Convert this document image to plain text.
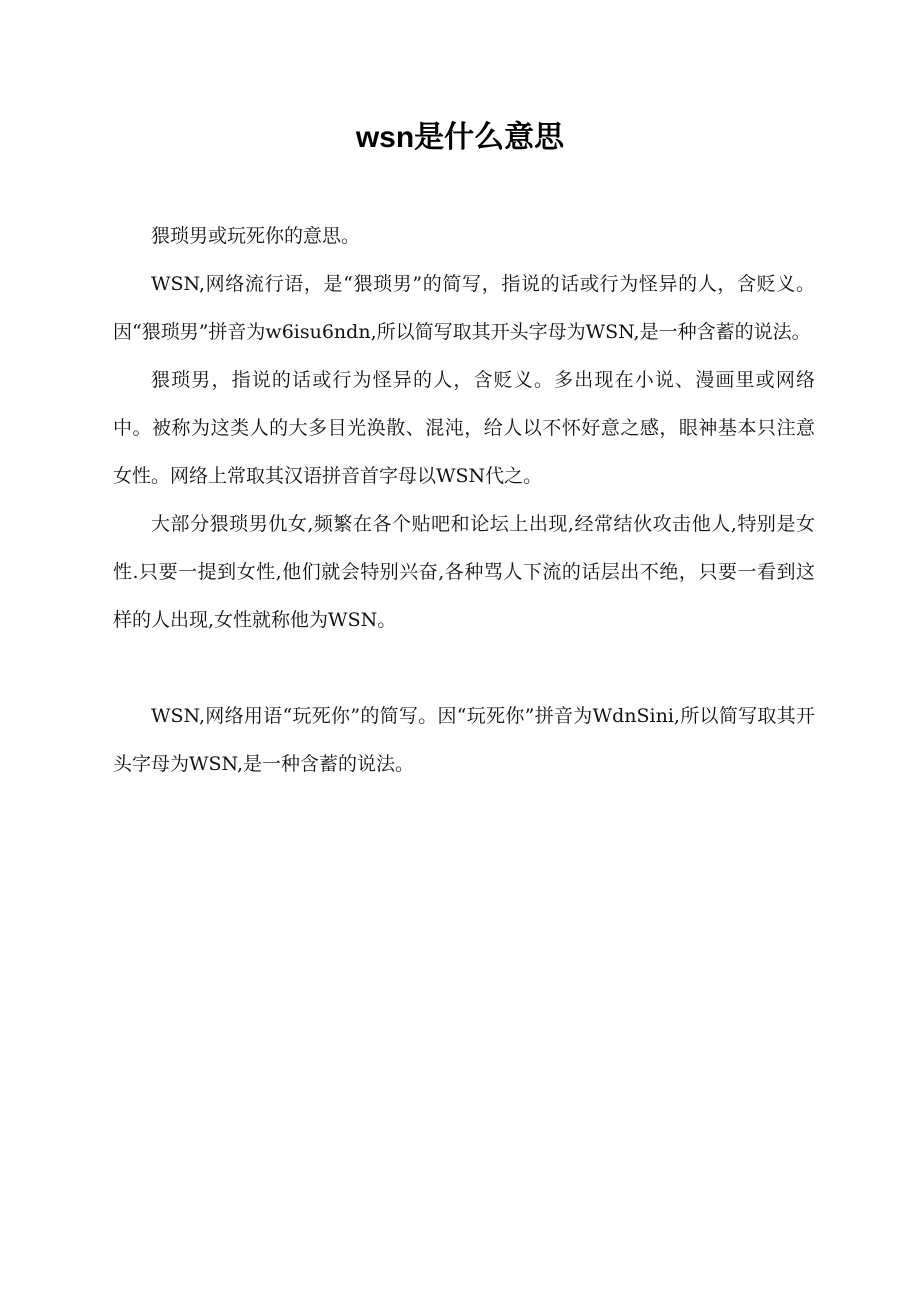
wsn是什么意思

猥琐男或玩死你的意思。

WSN,网络流行语，是“猥琐男”的简写，指说的话或行为怪异的人，含贬义。因“猥琐男”拼音为w6isu6ndn,所以简写取其开头字母为WSN,是一种含蓄的说法。

猥琐男，指说的话或行为怪异的人，含贬义。多出现在小说、漫画里或网络中。被称为这类人的大多目光涣散、混沌，给人以不怀好意之感，眼神基本只注意女性。网络上常取其汉语拼音首字母以WSN代之。

大部分猥琐男仇女,频繁在各个贴吧和论坛上出现,经常结伙攻击他人,特别是女性.只要一提到女性,他们就会特别兴奋,各种骂人下流的话层出不绝，只要一看到这样的人出现,女性就称他为WSN。

WSN,网络用语“玩死你”的简写。因“玩死你”拼音为WdnSini,所以简写取其开头字母为WSN,是一种含蓄的说法。
